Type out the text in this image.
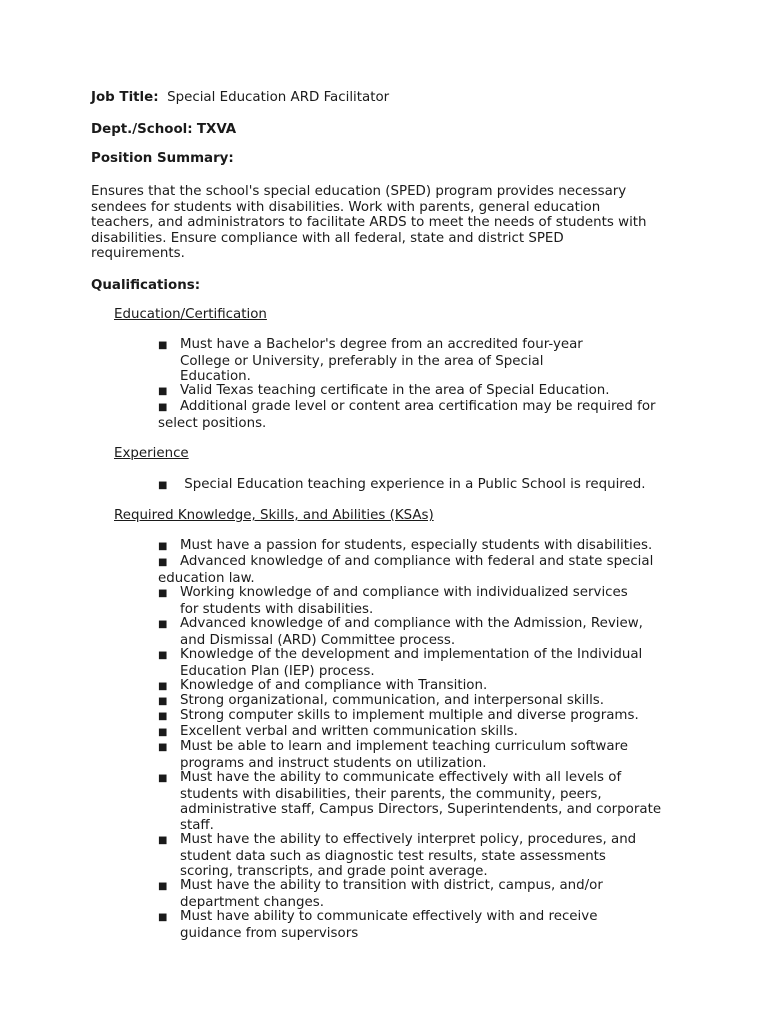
Job Title: Special Education ARD Facilitator
Dept./School: TXVA
Position Summary:

Ensures that the school's special education (SPED) program provides necessary

sendees for students with disabilities. Work with parents, general education

teachers, and administrators to facilitate ARDS to meet the needs of students with

disabilities. Ensure compliance with all federal, state and district SPED

requirements.

Qualifications:
Education/Certification
■ Must have a Bachelor's degree from an accredited four-year
College or University, preferably in the area of Special
Education.
■ Valid Texas teaching certificate in the area of Special Education.
■ Additional grade level or content area certification may be required for
select positions.
Experience
■ Special Education teaching experience in a Public School is required.
Required Knowledge, Skills, and Abilities (KSAs)
■ Must have a passion for students, especially students with disabilities.
■ Advanced knowledge of and compliance with federal and state special
education law.
■ Working knowledge of and compliance with individualized services
for students with disabilities.
■ Advanced knowledge of and compliance with the Admission, Review,
and Dismissal (ARD) Committee process.
■ Knowledge of the development and implementation of the Individual
Education Plan (IEP) process.
■ Knowledge of and compliance with Transition.
■ Strong organizational, communication, and interpersonal skills.
■ Strong computer skills to implement multiple and diverse programs.
■ Excellent verbal and written communication skills.
■ Must be able to learn and implement teaching curriculum software
programs and instruct students on utilization.
■ Must have the ability to communicate effectively with all levels of
students with disabilities, their parents, the community, peers,
administrative staff, Campus Directors, Superintendents, and corporate
staff.
■ Must have the ability to effectively interpret policy, procedures, and
student data such as diagnostic test results, state assessments
scoring, transcripts, and grade point average.
■ Must have the ability to transition with district, campus, and/or
department changes.
■ Must have ability to communicate effectively with and receive
guidance from supervisors
